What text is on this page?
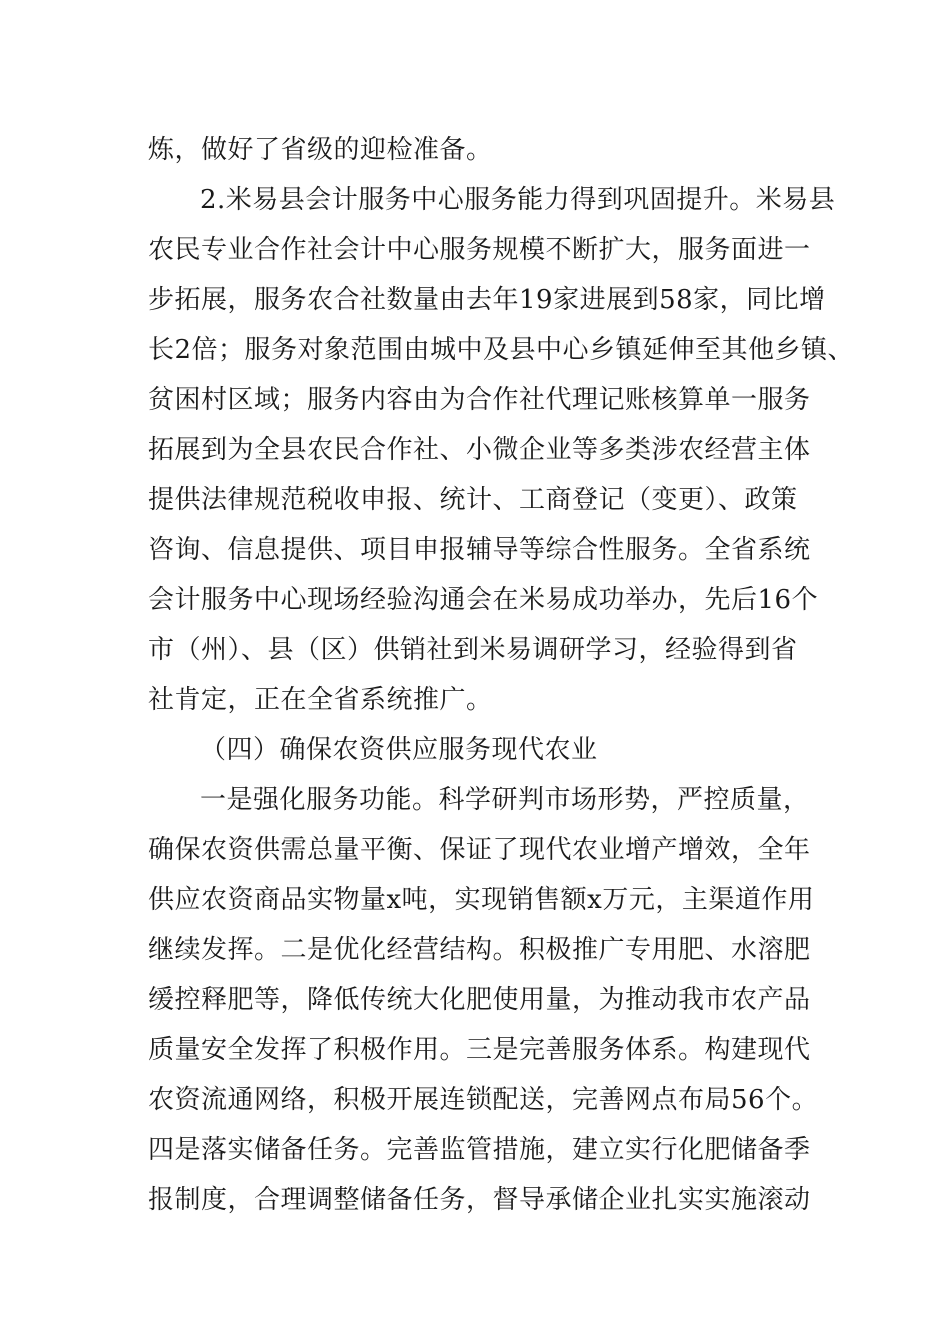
炼，做好了省级的迎检准备。
2.米易县会计服务中心服务能力得到巩固提升。米易县
农民专业合作社会计中心服务规模不断扩大，服务面进一
步拓展，服务农合社数量由去年19家进展到58家，同比增
长2倍；服务对象范围由城中及县中心乡镇延伸至其他乡镇、
贫困村区域；服务内容由为合作社代理记账核算单一服务
拓展到为全县农民合作社、小微企业等多类涉农经营主体
提供法律规范税收申报、统计、工商登记（变更）、政策
咨询、信息提供、项目申报辅导等综合性服务。全省系统
会计服务中心现场经验沟通会在米易成功举办，先后16个
市（州）、县（区）供销社到米易调研学习，经验得到省
社肯定，正在全省系统推广。
（四）确保农资供应服务现代农业
一是强化服务功能。科学研判市场形势，严控质量，
确保农资供需总量平衡、保证了现代农业增产增效，全年
供应农资商品实物量x吨，实现销售额x万元，主渠道作用
继续发挥。二是优化经营结构。积极推广专用肥、水溶肥
缓控释肥等，降低传统大化肥使用量，为推动我市农产品
质量安全发挥了积极作用。三是完善服务体系。构建现代
农资流通网络，积极开展连锁配送，完善网点布局56个。
四是落实储备任务。完善监管措施，建立实行化肥储备季
报制度，合理调整储备任务，督导承储企业扎实实施滚动
